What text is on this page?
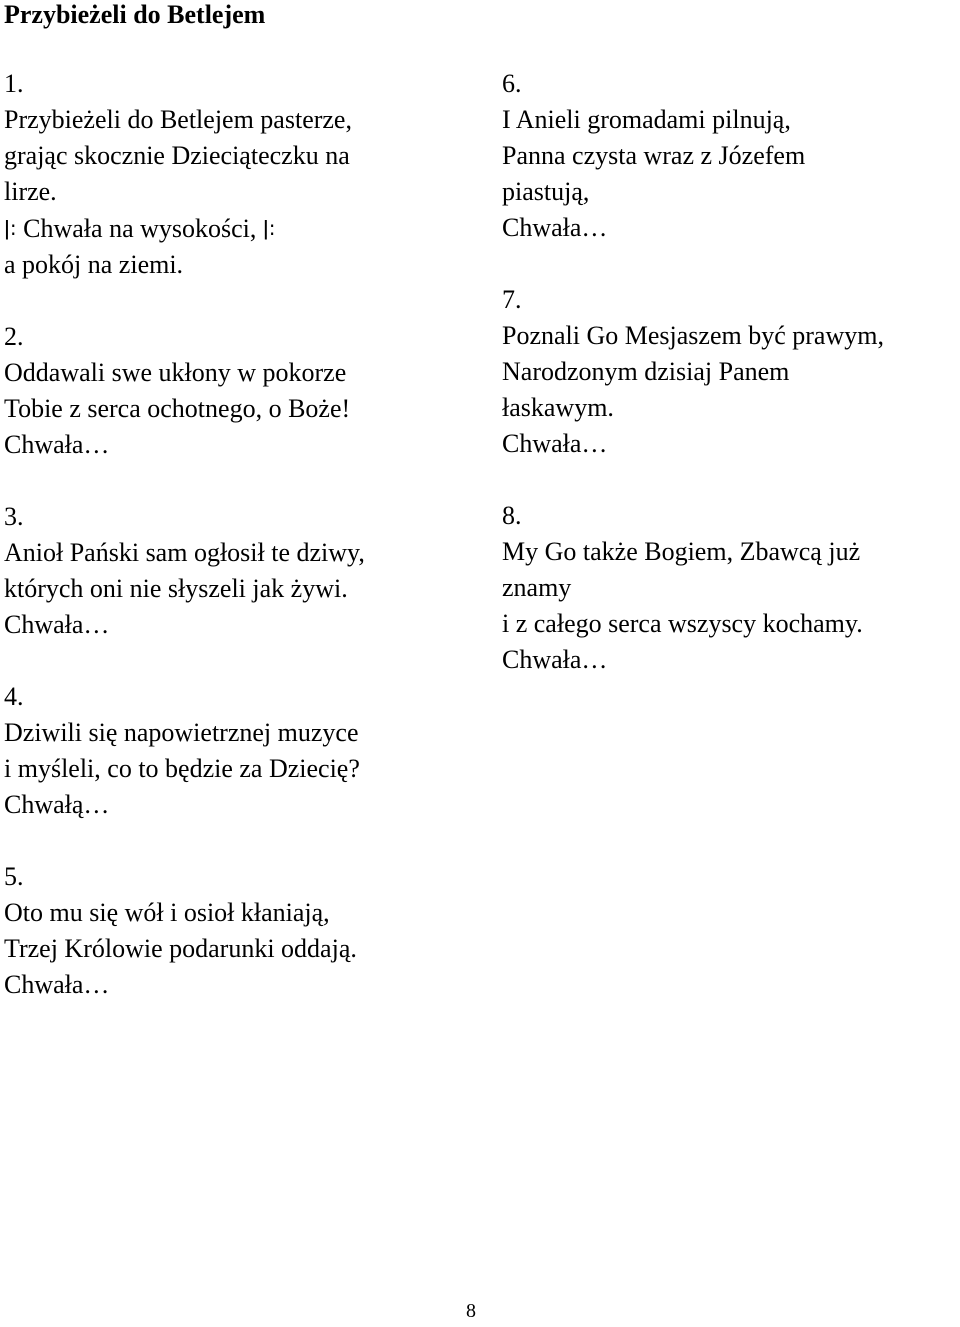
Przybieżeli do Betlejem
1.
Przybieżeli do Betlejem pasterze,
grając skocznie Dzieciąteczku na
lirze.
ǀ: Chwała na wysokości, ǀ:
a pokój na ziemi.
2.
Oddawali swe ukłony w pokorze
Tobie z serca ochotnego, o Boże!
Chwała…
3.
Anioł Pański sam ogłosił te dziwy,
których oni nie słyszeli jak żywi.
Chwała…
4.
Dziwili się napowietrznej muzyce
i myśleli, co to będzie za Dziecię?
Chwałą…
5.
Oto mu się wół i osioł kłaniają,
Trzej Królowie podarunki oddają.
Chwała…
6.
I Anieli gromadami pilnują,
Panna czysta wraz z Józefem
piastują,
Chwała…
7.
Poznali Go Mesjaszem być prawym,
Narodzonym dzisiaj Panem
łaskawym.
Chwała…
8.
My Go także Bogiem, Zbawcą już
znamy
i z całego serca wszyscy kochamy.
Chwała…
8
